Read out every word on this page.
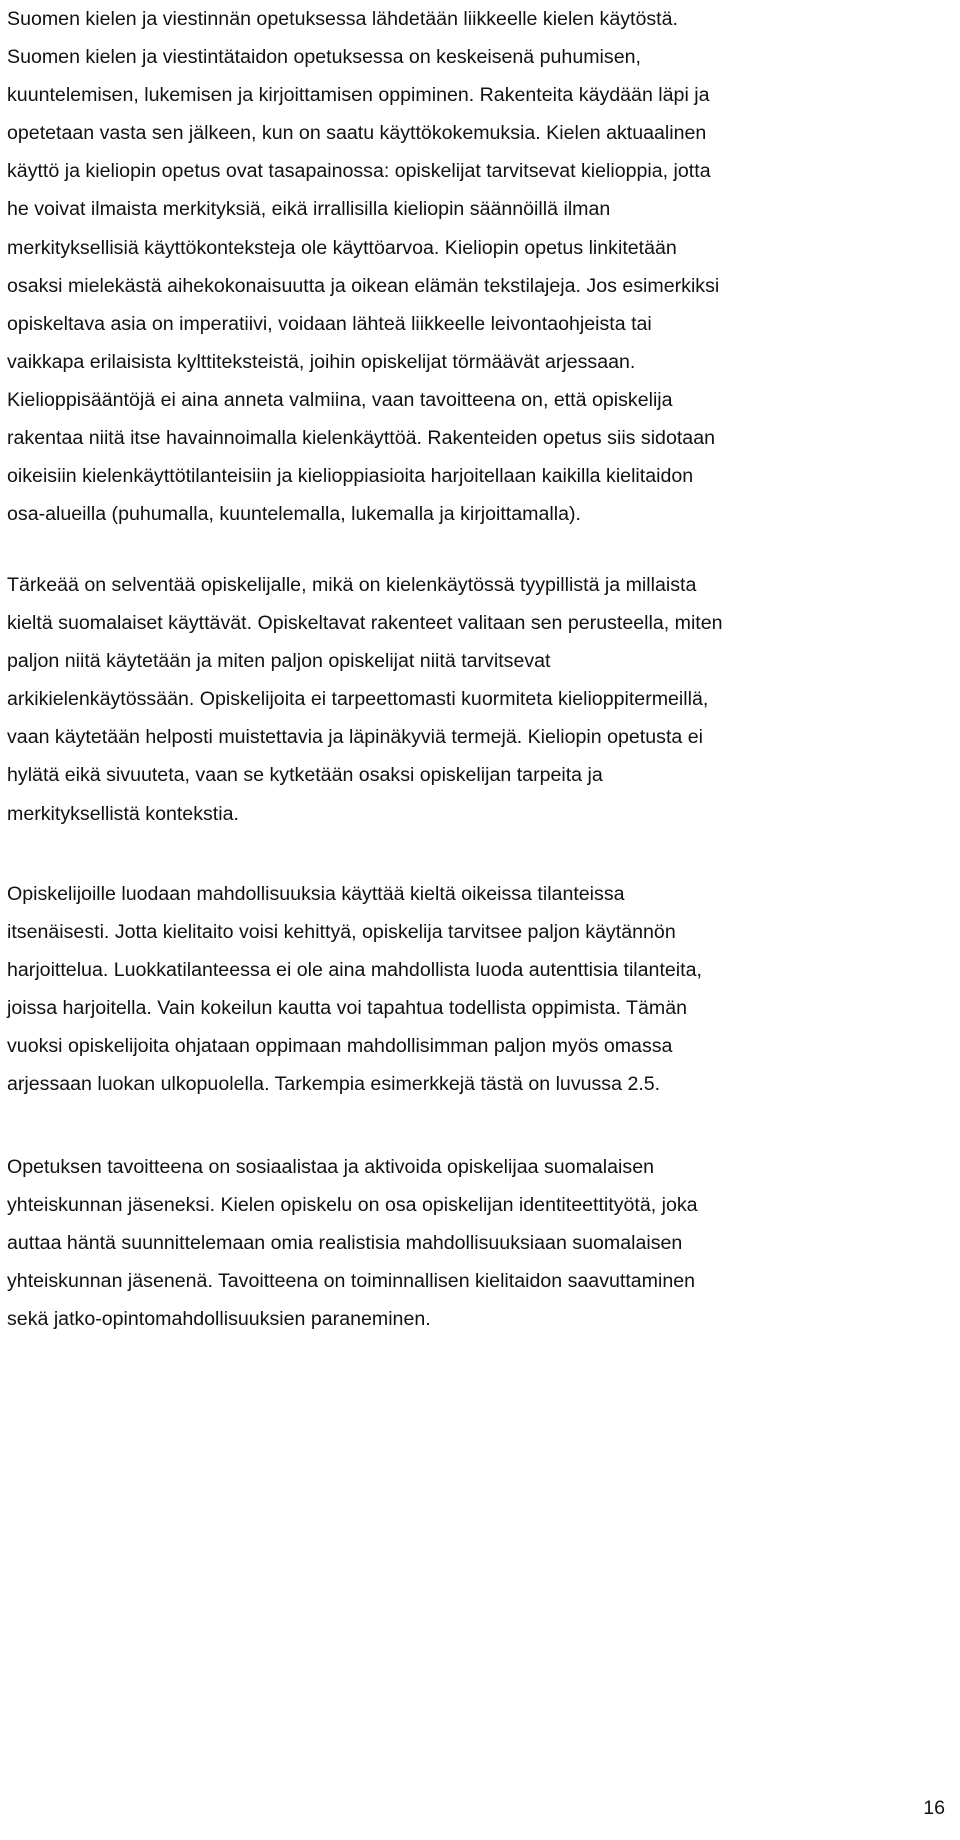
Suomen kielen ja viestinnän opetuksessa lähdetään liikkeelle kielen käytöstä.
Suomen kielen ja viestintätaidon opetuksessa on keskeisenä puhumisen,
kuuntelemisen, lukemisen ja kirjoittamisen oppiminen. Rakenteita käydään läpi ja
opetetaan vasta sen jälkeen, kun on saatu käyttökokemuksia. Kielen aktuaalinen
käyttö ja kieliopin opetus ovat tasapainossa: opiskelijat tarvitsevat kielioppia, jotta
he voivat ilmaista merkityksiä, eikä irrallisilla kieliopin säännöillä ilman
merkityksellisiä käyttökonteksteja ole käyttöarvoa. Kieliopin opetus linkitetään
osaksi mielekästä aihekokonaisuutta ja oikean elämän tekstilajeja. Jos esimerkiksi
opiskeltava asia on imperatiivi, voidaan lähteä liikkeelle leivontaohjeista tai
vaikkapa erilaisista kylttiteksteistä, joihin opiskelijat törmäävät arjessaan.
Kielioppisääntöjä ei aina anneta valmiina, vaan tavoitteena on, että opiskelija
rakentaa niitä itse havainnoimalla kielenkäyttöä. Rakenteiden opetus siis sidotaan
oikeisiin kielenkäyttötilanteisiin ja kielioppiasioita harjoitellaan kaikilla kielitaidon
osa-alueilla (puhumalla, kuuntelemalla, lukemalla ja kirjoittamalla).

Tärkeää on selventää opiskelijalle, mikä on kielenkäytössä tyypillistä ja millaista
kieltä suomalaiset käyttävät. Opiskeltavat rakenteet valitaan sen perusteella, miten
paljon niitä käytetään ja miten paljon opiskelijat niitä tarvitsevat
arkikielenkäytössään. Opiskelijoita ei tarpeettomasti kuormiteta kielioppitermeillä,
vaan käytetään helposti muistettavia ja läpinäkyviä termejä. Kieliopin opetusta ei
hylätä eikä sivuuteta, vaan se kytketään osaksi opiskelijan tarpeita ja
merkityksellistä kontekstia.

Opiskelijoille luodaan mahdollisuuksia käyttää kieltä oikeissa tilanteissa
itsenäisesti. Jotta kielitaito voisi kehittyä, opiskelija tarvitsee paljon käytännön
harjoittelua. Luokkatilanteessa ei ole aina mahdollista luoda autenttisia tilanteita,
joissa harjoitella. Vain kokeilun kautta voi tapahtua todellista oppimista. Tämän
vuoksi opiskelijoita ohjataan oppimaan mahdollisimman paljon myös omassa
arjessaan luokan ulkopuolella. Tarkempia esimerkkejä tästä on luvussa 2.5.

Opetuksen tavoitteena on sosiaalistaa ja aktivoida opiskelijaa suomalaisen
yhteiskunnan jäseneksi. Kielen opiskelu on osa opiskelijan identiteettityötä, joka
auttaa häntä suunnittelemaan omia realistisia mahdollisuuksiaan suomalaisen
yhteiskunnan jäsenenä. Tavoitteena on toiminnallisen kielitaidon saavuttaminen
sekä jatko-opintomahdollisuuksien paraneminen.

16
